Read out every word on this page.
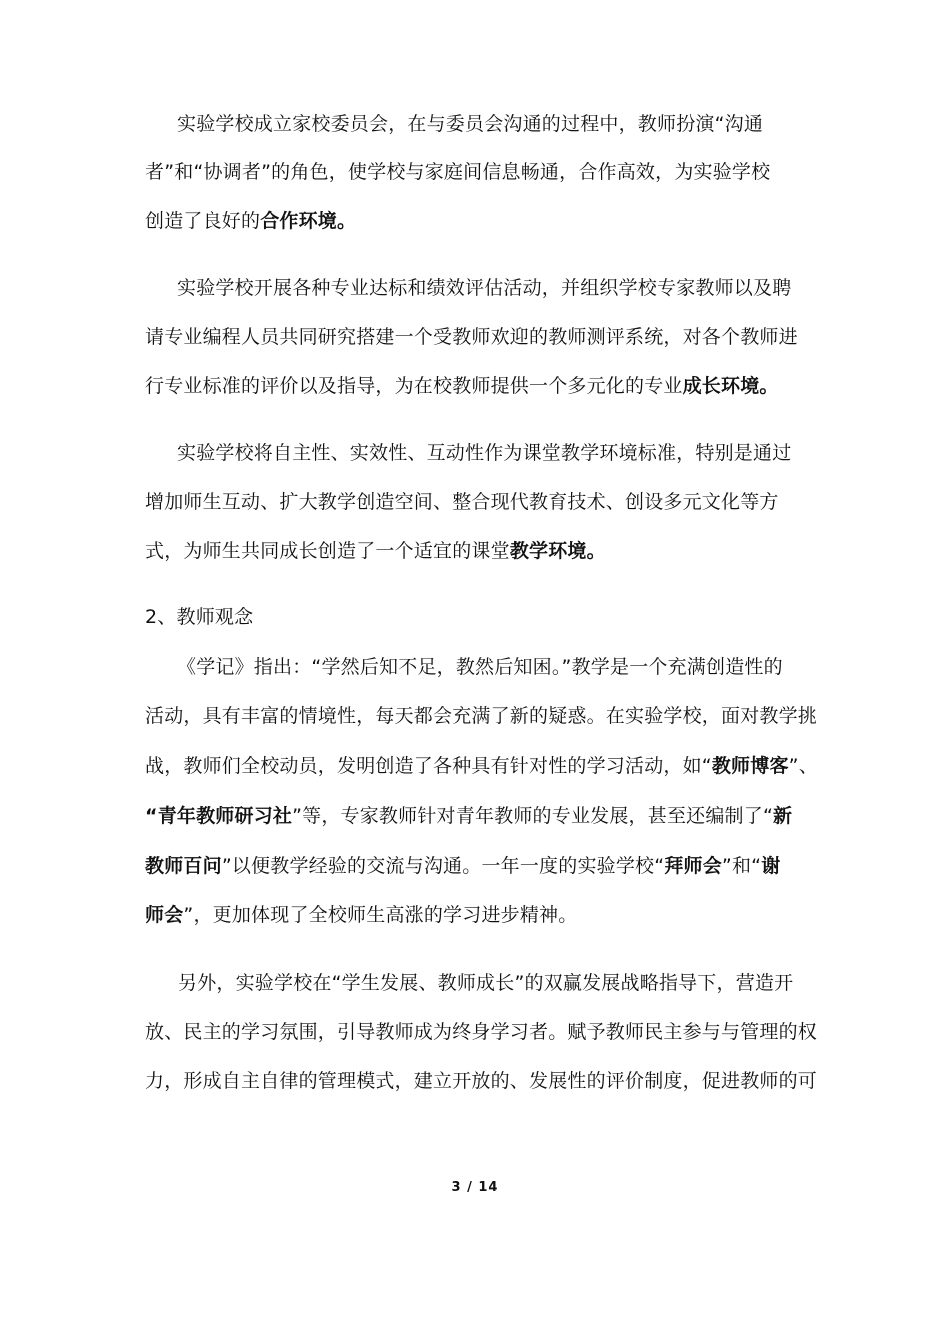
实验学校成立家校委员会，在与委员会沟通的过程中，教师扮演“沟通
者”和“协调者”的角色，使学校与家庭间信息畅通，合作高效，为实验学校
创造了良好的合作环境。
实验学校开展各种专业达标和绩效评估活动，并组织学校专家教师以及聘
请专业编程人员共同研究搭建一个受教师欢迎的教师测评系统，对各个教师进
行专业标准的评价以及指导，为在校教师提供一个多元化的专业成长环境。
实验学校将自主性、实效性、互动性作为课堂教学环境标准，特别是通过
增加师生互动、扩大教学创造空间、整合现代教育技术、创设多元文化等方
式，为师生共同成长创造了一个适宜的课堂教学环境。
2、教师观念
《学记》指出：“学然后知不足，教然后知困。”教学是一个充满创造性的
活动，具有丰富的情境性，每天都会充满了新的疑惑。在实验学校，面对教学挑
战，教师们全校动员，发明创造了各种具有针对性的学习活动，如“教师博客”、
“青年教师研习社”等，专家教师针对青年教师的专业发展，甚至还编制了“新
教师百问”以便教学经验的交流与沟通。一年一度的实验学校“拜师会”和“谢
师会”，更加体现了全校师生高涨的学习进步精神。
另外，实验学校在“学生发展、教师成长”的双赢发展战略指导下，营造开
放、民主的学习氛围，引导教师成为终身学习者。赋予教师民主参与与管理的权
力，形成自主自律的管理模式，建立开放的、发展性的评价制度，促进教师的可
3 / 14
